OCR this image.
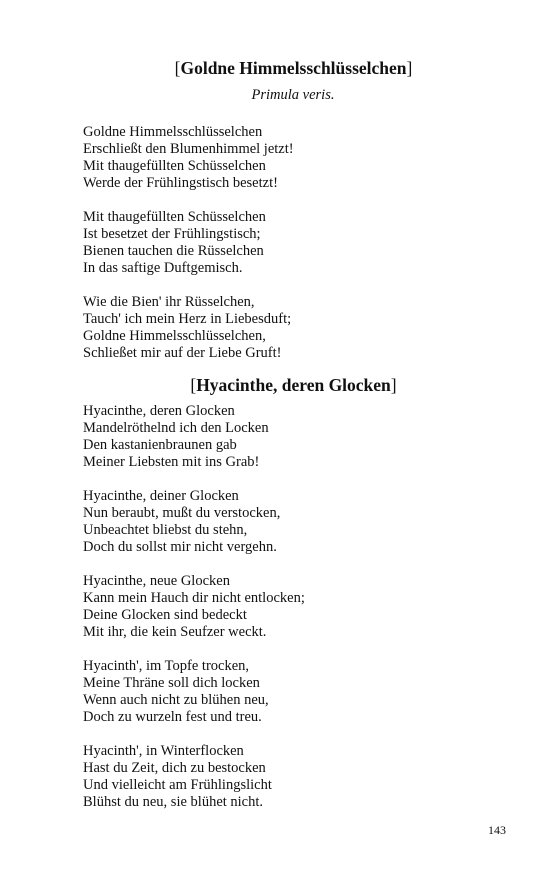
[Goldne Himmelsschlüsselchen]
Primula veris.
Goldne Himmelsschlüsselchen
Erschließt den Blumenhimmel jetzt!
Mit thaugefüllten Schüsselchen
Werde der Frühlingstisch besetzt!
Mit thaugefüllten Schüsselchen
Ist besetzet der Frühlingstisch;
Bienen tauchen die Rüsselchen
In das saftige Duftgemisch.
Wie die Bien' ihr Rüsselchen,
Tauch' ich mein Herz in Liebesduft;
Goldne Himmelsschlüsselchen,
Schließet mir auf der Liebe Gruft!
[Hyacinthe, deren Glocken]
Hyacinthe, deren Glocken
Mandelröthelnd ich den Locken
Den kastanienbraunen gab
Meiner Liebsten mit ins Grab!
Hyacinthe, deiner Glocken
Nun beraubt, mußt du verstocken,
Unbeachtet bliebst du stehn,
Doch du sollst mir nicht vergehn.
Hyacinthe, neue Glocken
Kann mein Hauch dir nicht entlocken;
Deine Glocken sind bedeckt
Mit ihr, die kein Seufzer weckt.
Hyacinth', im Topfe trocken,
Meine Thräne soll dich locken
Wenn auch nicht zu blühen neu,
Doch zu wurzeln fest und treu.
Hyacinth', in Winterflocken
Hast du Zeit, dich zu bestocken
Und vielleicht am Frühlingslicht
Blühst du neu, sie blühet nicht.
143
